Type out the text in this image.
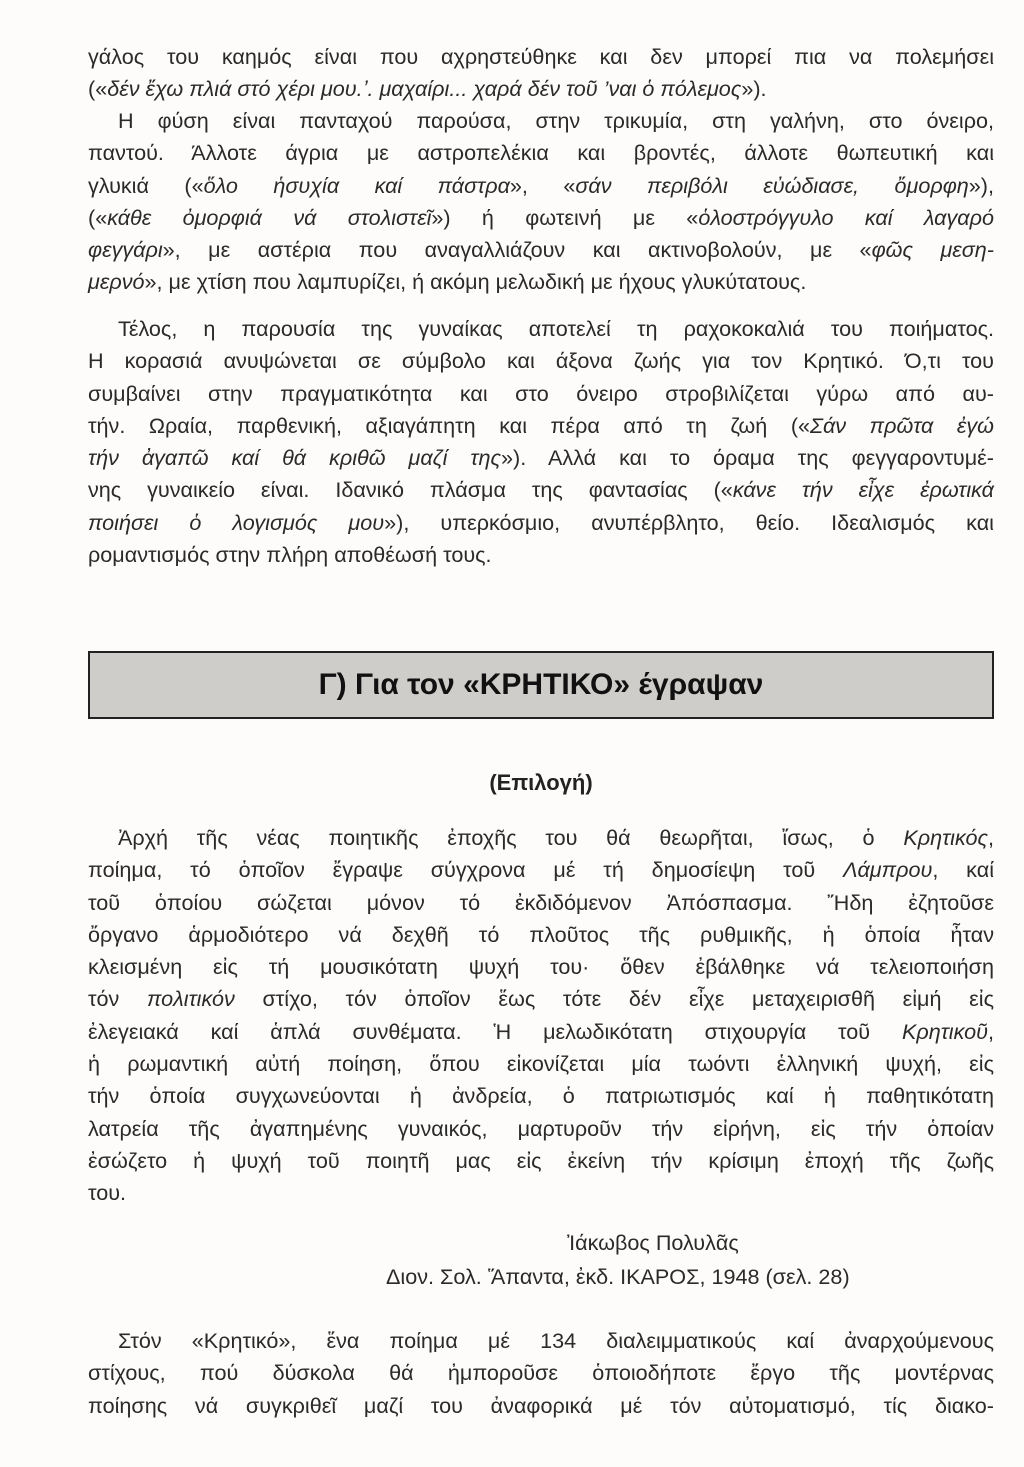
γάλος του καημός είναι που αχρηστεύθηκε και δεν μπορεί πια να πολεμήσει
(«δέν ἔχω πλιά στό χέρι μου.ʼ. μαχαίρι... χαρά δέν τοῦ ’ναι ὁ πόλεμος»).
Η φύση είναι πανταχού παρούσα, στην τρικυμία, στη γαλήνη, στο όνειρο,
παντού. Άλλοτε άγρια με αστροπελέκια και βροντές, άλλοτε θωπευτική και
γλυκιά («ὅλο ἡσυχία καί πάστρα», «σάν περιβόλι εὐώδιασε, ὄμορφη»),
(«κάθε ὀμορφιά νά στολιστεῖ») ή φωτεινή με «ὁλοστρόγγυλο καί λαγαρό
φεγγάρι», με αστέρια που αναγαλλιάζουν και ακτινοβολούν, με «φῶς μεση-
μερνό», με χτίση που λαμπυρίζει, ή ακόμη μελωδική με ήχους γλυκύτατους.
Τέλος, η παρουσία της γυναίκας αποτελεί τη ραχοκοκαλιά του ποιήματος.
Η κορασιά ανυψώνεται σε σύμβολο και άξονα ζωής για τον Κρητικό. Ό,τι του
συμβαίνει στην πραγματικότητα και στο όνειρο στροβιλίζεται γύρω από αυ-
τήν. Ωραία, παρθενική, αξιαγάπητη και πέρα από τη ζωή («Σάν πρῶτα ἐγώ
τήν ἀγαπῶ καί θά κριθῶ μαζί της»). Αλλά και το όραμα της φεγγαροντυμέ-
νης γυναικείο είναι. Ιδανικό πλάσμα της φαντασίας («κάνε τήν εἶχε ἐρωτικά
ποιήσει ὁ λογισμός μου»), υπερκόσμιο, ανυπέρβλητο, θείο. Ιδεαλισμός και
ρομαντισμός στην πλήρη αποθέωσή τους.
Γ) Για τον «ΚΡΗΤΙΚΟ» έγραψαν
(Επιλογή)
Ἀρχή τῆς νέας ποιητικῆς ἐποχῆς του θά θεωρῆται, ἴσως, ὁ Κρητικός,
ποίημα, τό ὁποῖον ἔγραψε σύγχρονα μέ τή δημοσίεψη τοῦ Λάμπρου, καί
τοῦ ὁποίου σώζεται μόνον τό ἐκδιδόμενον Ἀπόσπασμα. Ἤδη ἐζητοῦσε
ὄργανο ἁρμοδιότερο νά δεχθῆ τό πλοῦτος τῆς ρυθμικῆς, ἡ ὁποία ἦταν
κλεισμένη εἰς τή μουσικότατη ψυχή του· ὅθεν ἐβάλθηκε νά τελειοποιήση
τόν πολιτικόν στίχο, τόν ὁποῖον ἕως τότε δέν εἶχε μεταχειρισθῆ εἰμή εἰς
ἐλεγειακά καί ἁπλά συνθέματα. Ἡ μελωδικότατη στιχουργία τοῦ Κρητικοῦ,
ἡ ρωμαντική αὐτή ποίηση, ὅπου εἰκονίζεται μία τωόντι ἑλληνική ψυχή, εἰς
τήν ὁποία συγχωνεύονται ἡ ἀνδρεία, ὁ πατριωτισμός καί ἡ παθητικότατη
λατρεία τῆς ἀγαπημένης γυναικός, μαρτυροῦν τήν εἰρήνη, εἰς τήν ὁποίαν
ἐσώζετο ἡ ψυχή τοῦ ποιητῆ μας εἰς ἐκείνη τήν κρίσιμη ἐποχή τῆς ζωῆς
του.
Ἰάκωβος Πολυλᾶς
Διον. Σολ. Ἅπαντα, ἐκδ. ΙΚΑΡΟΣ, 1948 (σελ. 28)
Στόν «Κρητικό», ἕνα ποίημα μέ 134 διαλειμματικούς καί ἀναρχούμενους
στίχους, πού δύσκολα θά ἠμποροῦσε ὁποιοδήποτε ἔργο τῆς μοντέρνας
ποίησης νά συγκριθεῖ μαζί του ἀναφορικά μέ τόν αὐτοματισμό, τίς διακο-
